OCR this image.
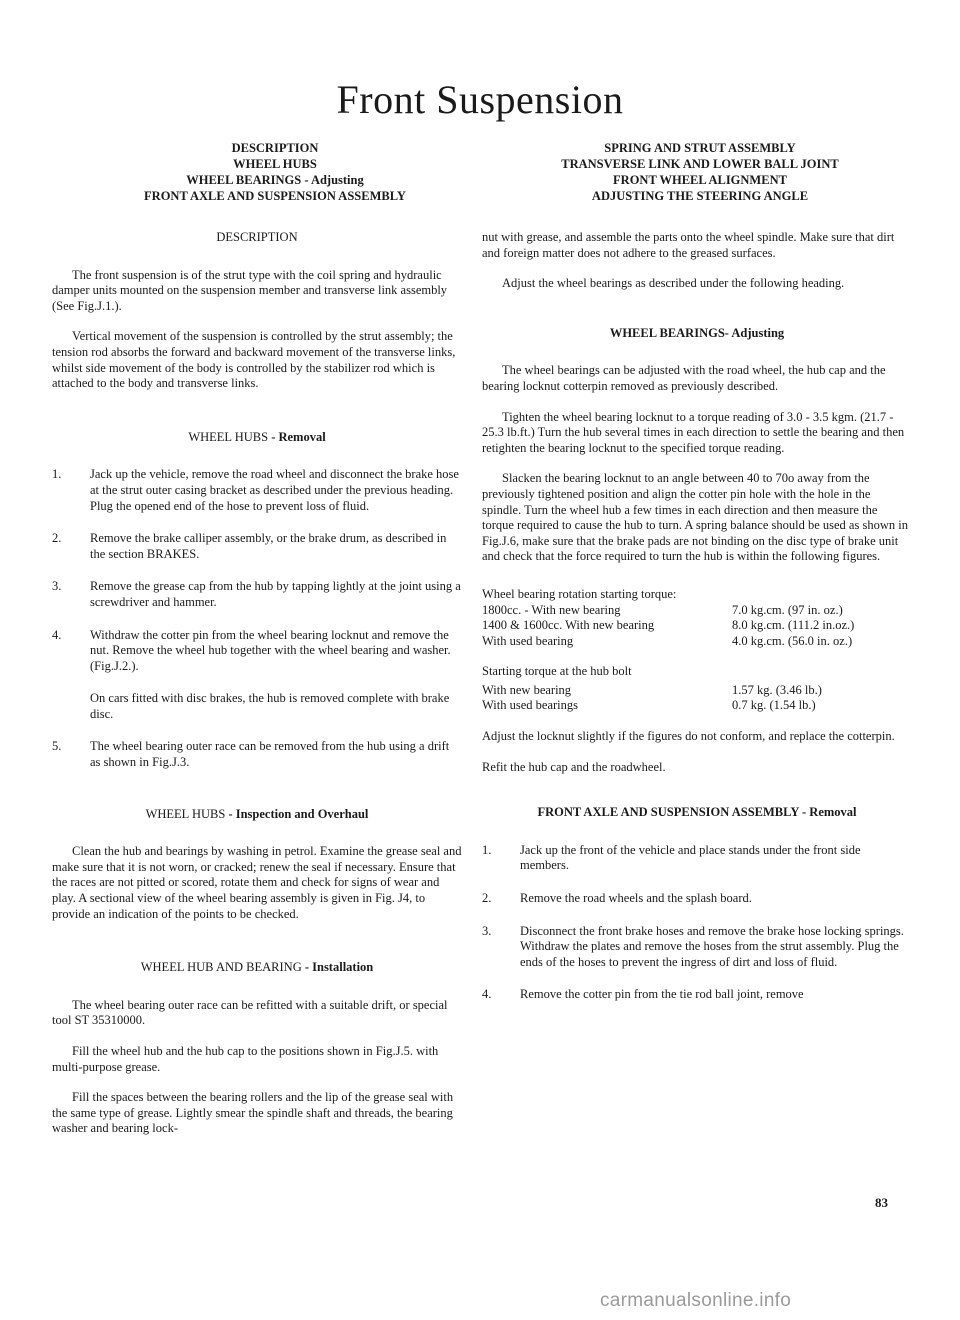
Front Suspension
DESCRIPTION
WHEEL HUBS
WHEEL BEARINGS - Adjusting
FRONT AXLE AND SUSPENSION ASSEMBLY
SPRING AND STRUT ASSEMBLY
TRANSVERSE LINK AND LOWER BALL JOINT
FRONT WHEEL ALIGNMENT
ADJUSTING THE STEERING ANGLE
DESCRIPTION

The front suspension is of the strut type with the coil spring and hydraulic damper units mounted on the suspension member and transverse link assembly (See Fig.J.1.).

Vertical movement of the suspension is controlled by the strut assembly; the tension rod absorbs the forward and backward movement of the transverse links, whilst side movement of the body is controlled by the stabilizer rod which is attached to the body and transverse links.

WHEEL HUBS - Removal
1.	Jack up the vehicle, remove the road wheel and disconnect the brake hose at the strut outer casing bracket as described under the previous heading. Plug the opened end of the hose to prevent loss of fluid.
2.	Remove the brake calliper assembly, or the brake drum, as described in the section BRAKES.
3.	Remove the grease cap from the hub by tapping lightly at the joint using a screwdriver and hammer.
4.	Withdraw the cotter pin from the wheel bearing locknut and remove the nut. Remove the wheel hub together with the wheel bearing and washer. (Fig.J.2.).

On cars fitted with disc brakes, the hub is removed complete with brake disc.

5.	The wheel bearing outer race can be removed from the hub using a drift as shown in Fig.J.3.
WHEEL HUBS - Inspection and Overhaul

Clean the hub and bearings by washing in petrol. Examine the grease seal and make sure that it is not worn, or cracked; renew the seal if necessary. Ensure that the races are not pitted or scored, rotate them and check for signs of wear and play. A sectional view of the wheel bearing assembly is given in Fig. J4, to provide an indication of the points to be checked.

WHEEL HUB AND BEARING - Installation

The wheel bearing outer race can be refitted with a suitable drift, or special tool ST 35310000.

Fill the wheel hub and the hub cap to the positions shown in Fig.J.5. with multi-purpose grease.

Fill the spaces between the bearing rollers and the lip of the grease seal with the same type of grease. Lightly smear the spindle shaft and threads, the bearing washer and bearing lock-

nut with grease, and assemble the parts onto the wheel spindle. Make sure that dirt and foreign matter does not adhere to the greased surfaces.

Adjust the wheel bearings as described under the following heading.

WHEEL BEARINGS- Adjusting

The wheel bearings can be adjusted with the road wheel, the hub cap and the bearing locknut cotterpin removed as previously described.

Tighten the wheel bearing locknut to a torque reading of 3.0 - 3.5 kgm. (21.7 - 25.3 lb.ft.) Turn the hub several times in each direction to settle the bearing and then retighten the bearing locknut to the specified torque reading.

Slacken the bearing locknut to an angle between 40 to 70o away from the previously tightened position and align the cotter pin hole with the hole in the spindle. Turn the wheel hub a few times in each direction and then measure the torque required to cause the hub to turn. A spring balance should be used as shown in Fig.J.6, make sure that the brake pads are not binding on the disc type of brake unit and check that the force required to turn the hub is within the following figures.

Wheel bearing rotation starting torque:
1800cc. - With new bearing	7.0 kg.cm. (97 in. oz.)
1400 & 1600cc. With new bearing	8.0 kg.cm. (111.2 in.oz.)
With used bearing	4.0 kg.cm. (56.0 in. oz.)
Starting torque at the hub bolt
With new bearing	1.57 kg. (3.46 lb.)
With used bearings	0.7 kg. (1.54 lb.)

Adjust the locknut slightly if the figures do not conform, and replace the cotterpin.

Refit the hub cap and the roadwheel.

FRONT AXLE AND SUSPENSION ASSEMBLY - Removal
1.	Jack up the front of the vehicle and place stands under the front side members.
2.	Remove the road wheels and the splash board.
3.	Disconnect the front brake hoses and remove the brake hose locking springs. Withdraw the plates and remove the hoses from the strut assembly. Plug the ends of the hoses to prevent the ingress of dirt and loss of fluid.
4.	Remove the cotter pin from the tie rod ball joint, remove
83
carmanualsonline.info
